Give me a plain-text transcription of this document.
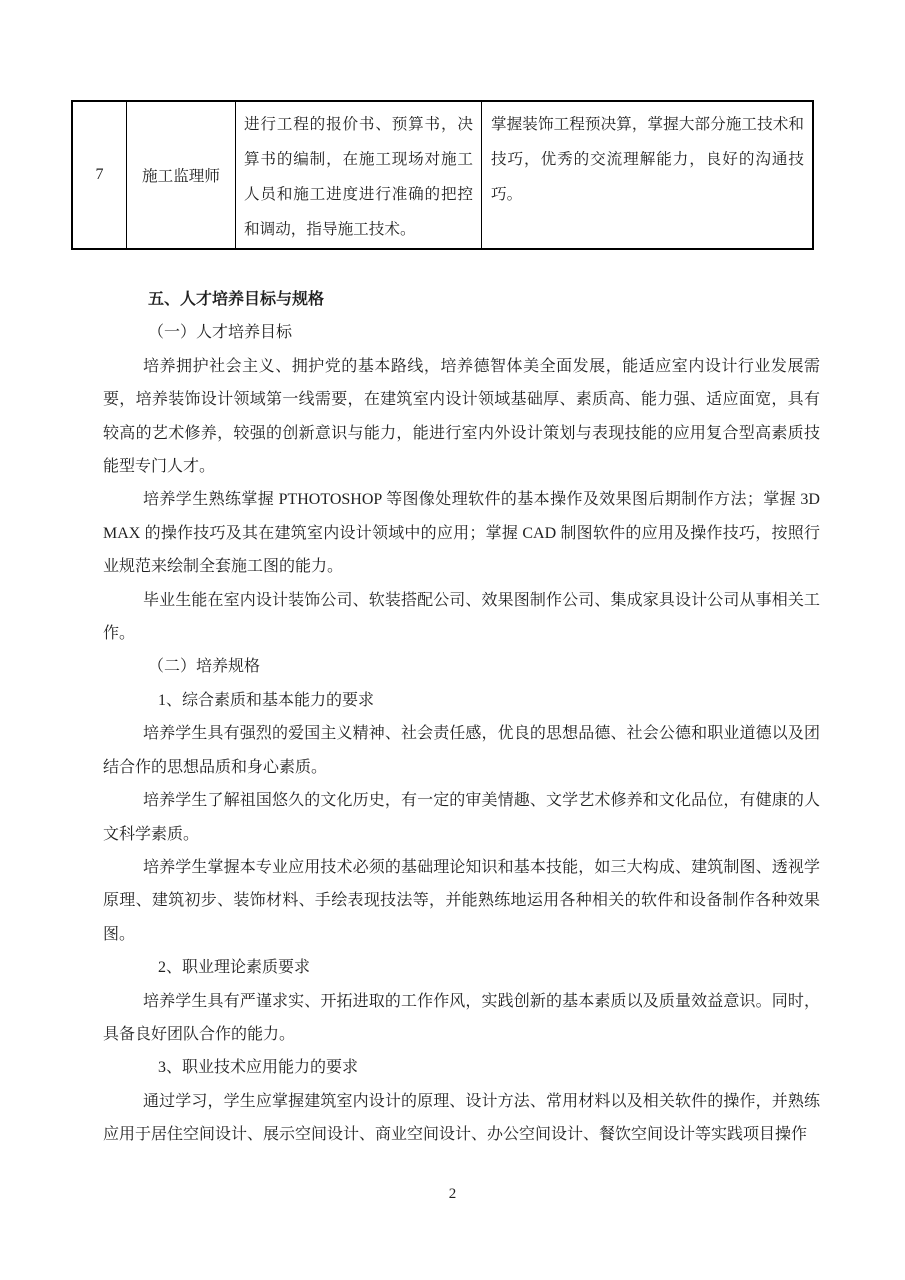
7	施工监理师	进行工程的报价书、预算书，决算书的编制，在施工现场对施工人员和施工进度进行准确的把控和调动，指导施工技术。	掌握装饰工程预决算，掌握大部分施工技术和技巧，优秀的交流理解能力，良好的沟通技巧。

五、人才培养目标与规格

（一）人才培养目标

培养拥护社会主义、拥护党的基本路线，培养德智体美全面发展，能适应室内设计行业发展需要，培养装饰设计领域第一线需要，在建筑室内设计领域基础厚、素质高、能力强、适应面宽，具有较高的艺术修养，较强的创新意识与能力，能进行室内外设计策划与表现技能的应用复合型高素质技能型专门人才。

培养学生熟练掌握 PTHOTOSHOP 等图像处理软件的基本操作及效果图后期制作方法；掌握 3D MAX 的操作技巧及其在建筑室内设计领域中的应用；掌握 CAD 制图软件的应用及操作技巧，按照行业规范来绘制全套施工图的能力。

毕业生能在室内设计装饰公司、软装搭配公司、效果图制作公司、集成家具设计公司从事相关工作。

（二）培养规格

1、综合素质和基本能力的要求

培养学生具有强烈的爱国主义精神、社会责任感，优良的思想品德、社会公德和职业道德以及团结合作的思想品质和身心素质。

培养学生了解祖国悠久的文化历史，有一定的审美情趣、文学艺术修养和文化品位，有健康的人文科学素质。

培养学生掌握本专业应用技术必须的基础理论知识和基本技能，如三大构成、建筑制图、透视学原理、建筑初步、装饰材料、手绘表现技法等，并能熟练地运用各种相关的软件和设备制作各种效果图。

2、职业理论素质要求

培养学生具有严谨求实、开拓进取的工作作风，实践创新的基本素质以及质量效益意识。同时，具备良好团队合作的能力。

3、职业技术应用能力的要求

通过学习，学生应掌握建筑室内设计的原理、设计方法、常用材料以及相关软件的操作，并熟练应用于居住空间设计、展示空间设计、商业空间设计、办公空间设计、餐饮空间设计等实践项目操作

2
